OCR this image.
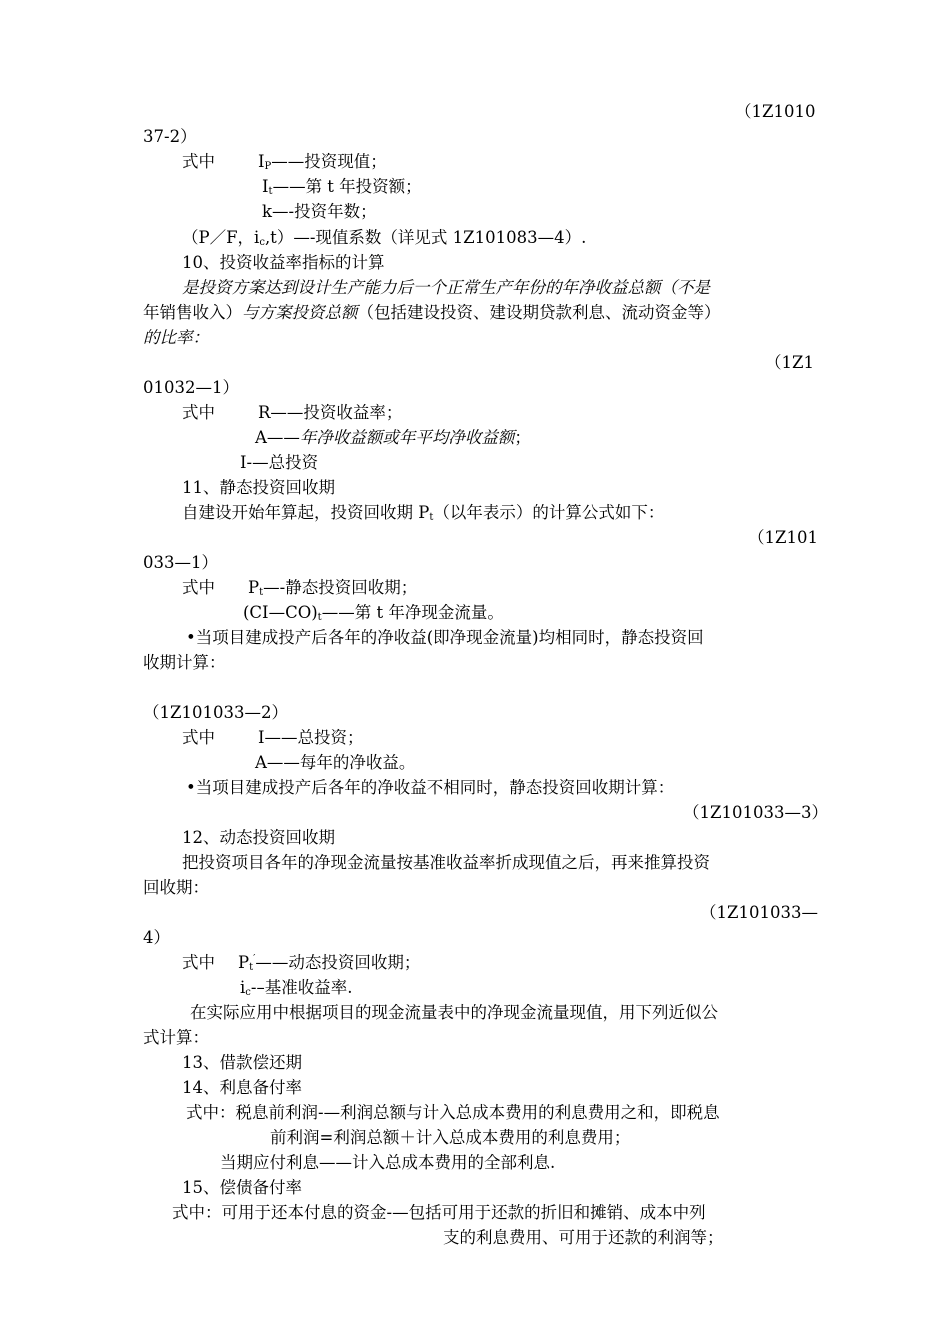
（1Z1010
37-2）
式中	$I_P——$投资现值；
$I_t——$第 t 年投资额；
k—-投资年数；
（P／F，$i_c,t)—-$现值系数（详见式 1Z101083—4）.
10、投资收益率指标的计算
是投资方案达到设计生产能力后一个正常生产年份的年净收益总额（不是
年销售收入）与方案投资总额（包括建设投资、建设期贷款利息、流动资金等）
的比率：
（1Z1
01032—1）
式中	R——投资收益率；
A——年净收益额或年平均净收益额；
I-—总投资
11、静态投资回收期
自建设开始年算起，投资回收期 $P_t$（以年表示）的计算公式如下：
（1Z101
033—1）
式中 $P_t—-$静态投资回收期；
$(CI—CO)_t——$第 t 年净现金流量。
•当项目建成投产后各年的净收益(即净现金流量)均相同时，静态投资回
收期计算：
（1Z101033—2）
式中	I——总投资；
A——每年的净收益。
•当项目建成投产后各年的净收益不相同时，静态投资回收期计算：
（1Z101033—3）
12、动态投资回收期
把投资项目各年的净现金流量按基准收益率折成现值之后，再来推算投资
回收期：
（1Z101033—
4）
式中 $P_t'——$动态投资回收期；
$i_c--$基准收益率.
在实际应用中根据项目的现金流量表中的净现金流量现值，用下列近似公
式计算：
13、借款偿还期
14、利息备付率
式中：税息前利润-—利润总额与计入总成本费用的利息费用之和，即税息
前利润=利润总额＋计入总成本费用的利息费用；
当期应付利息——计入总成本费用的全部利息.
15、偿债备付率
式中：可用于还本付息的资金-—包括可用于还款的折旧和摊销、成本中列
支的利息费用、可用于还款的利润等；
